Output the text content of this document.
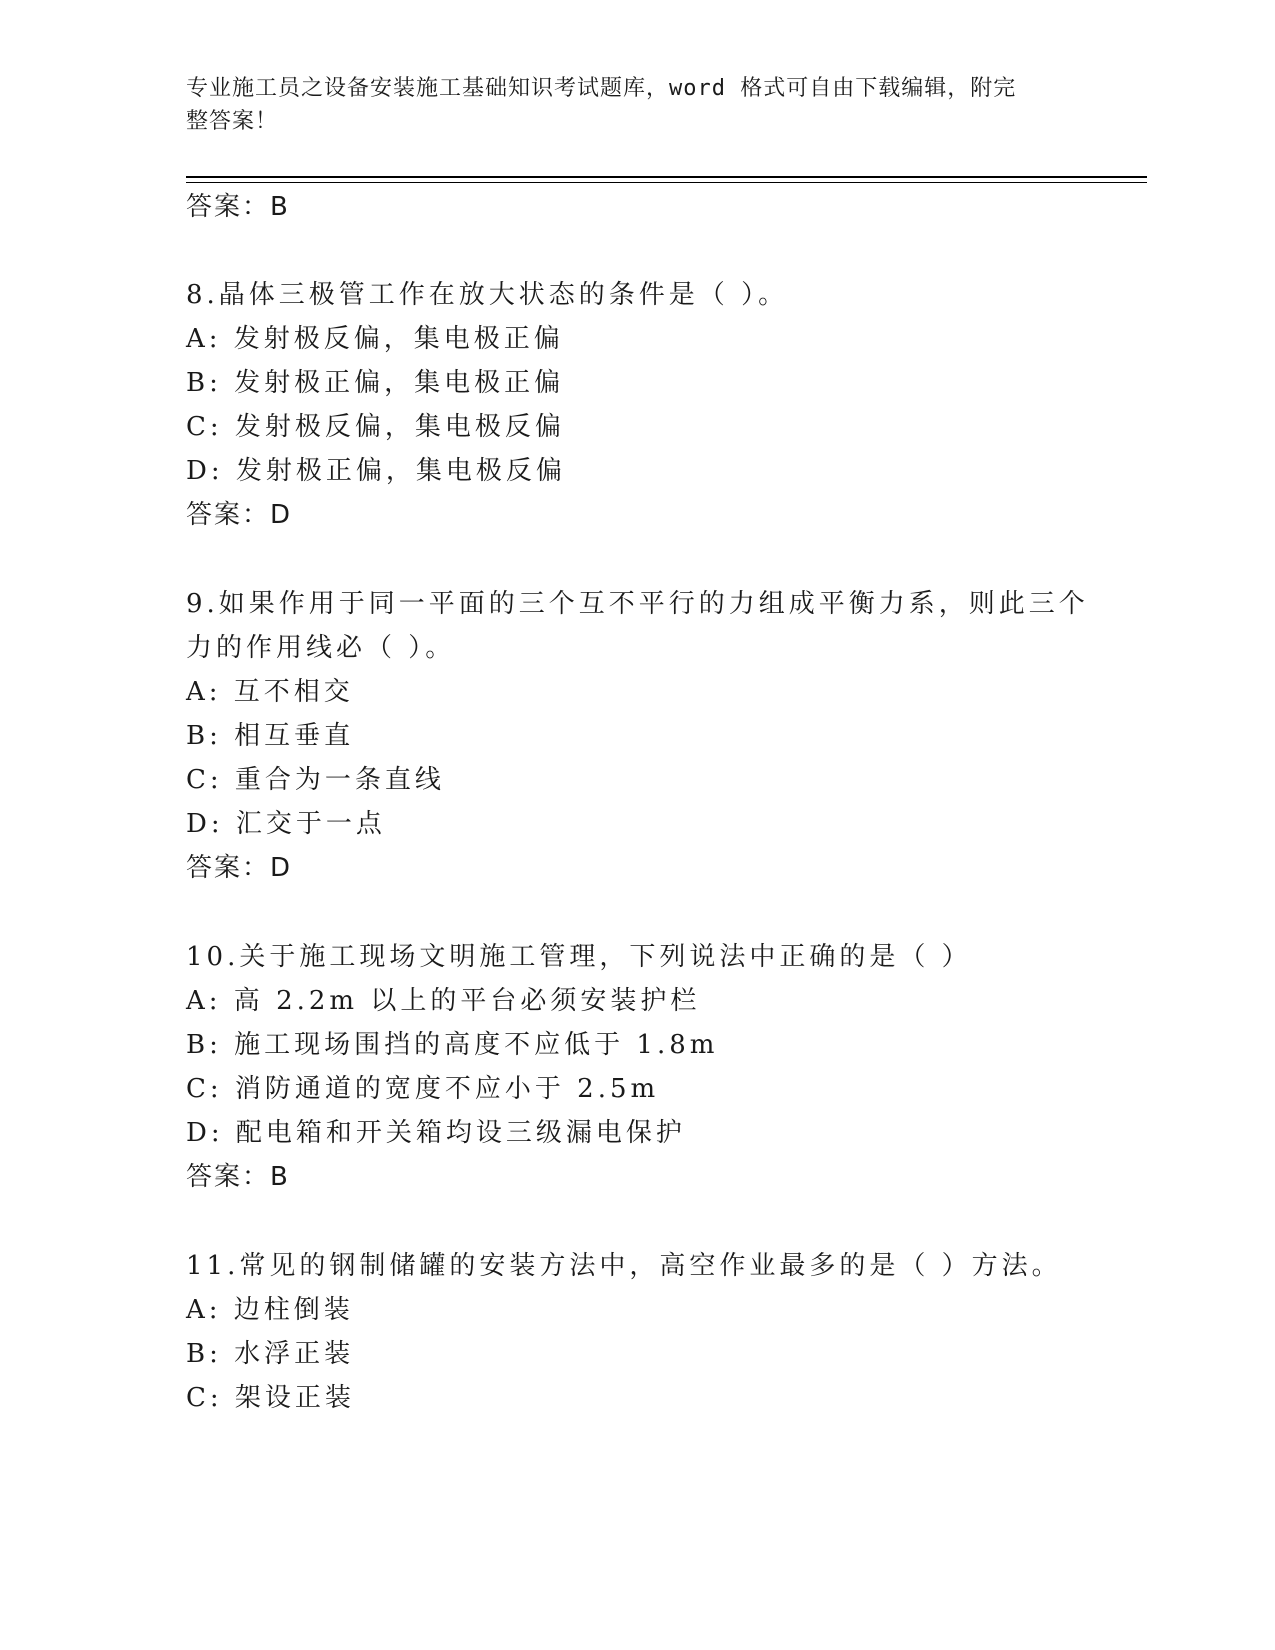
专业施工员之设备安装施工基础知识考试题库，word 格式可自由下载编辑，附完
整答案！
答案：B
8.晶体三极管工作在放大状态的条件是（ ）。
A: 发射极反偏，集电极正偏
B: 发射极正偏，集电极正偏
C: 发射极反偏，集电极反偏
D: 发射极正偏，集电极反偏
答案：D
9.如果作用于同一平面的三个互不平行的力组成平衡力系，则此三个
力的作用线必（ ）。
A: 互不相交
B: 相互垂直
C: 重合为一条直线
D: 汇交于一点
答案：D
10.关于施工现场文明施工管理，下列说法中正确的是（ ）
A: 高 2.2m 以上的平台必须安装护栏
B: 施工现场围挡的高度不应低于 1.8m
C: 消防通道的宽度不应小于 2.5m
D: 配电箱和开关箱均设三级漏电保护
答案：B
11.常见的钢制储罐的安装方法中，高空作业最多的是（ ）方法。
A: 边柱倒装
B: 水浮正装
C: 架设正装
